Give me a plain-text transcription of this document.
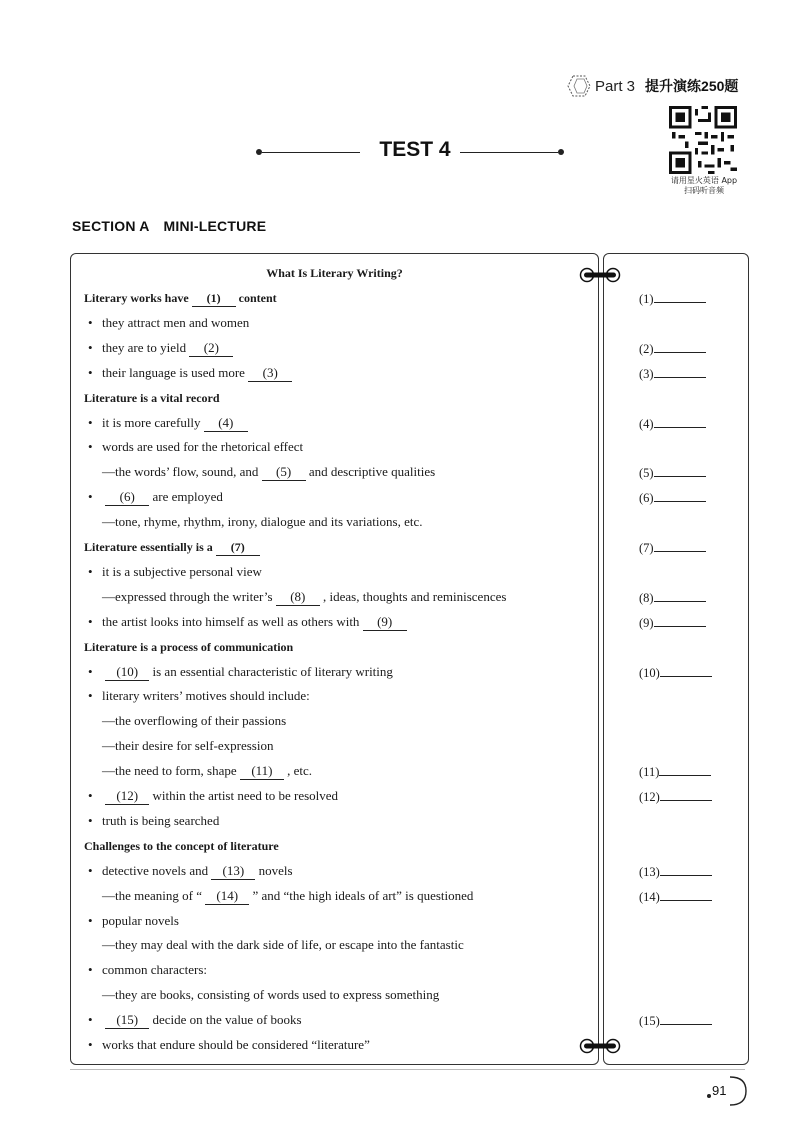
Part 3 提升演练250题
请用星火英语 App
扫码听音频
TEST 4
SECTION A MINI-LECTURE
What Is Literary Writing?
Literary works have (1) content
• they attract men and women
• they are to yield (2)
• their language is used more (3)
Literature is a vital record
• it is more carefully (4)
• words are used for the rhetorical effect
—the words’ flow, sound, and (5) and descriptive qualities
• (6) are employed
—tone, rhyme, rhythm, irony, dialogue and its variations, etc.
Literature essentially is a (7)
• it is a subjective personal view
—expressed through the writer’s (8) , ideas, thoughts and reminiscences
• the artist looks into himself as well as others with (9)
Literature is a process of communication
• (10) is an essential characteristic of literary writing
• literary writers’ motives should include:
—the overflowing of their passions
—their desire for self-expression
—the need to form, shape (11) , etc.
• (12) within the artist need to be resolved
• truth is being searched
Challenges to the concept of literature
• detective novels and (13) novels
—the meaning of “ (14) ” and “the high ideals of art” is questioned
• popular novels
—they may deal with the dark side of life, or escape into the fantastic
• common characters:
—they are books, consisting of words used to express something
• (15) decide on the value of books
• works that endure should be considered “literature”
(1)
(2)
(3)
(4)
(5)
(6)
(7)
(8)
(9)
(10)
(11)
(12)
(13)
(14)
(15)
91
